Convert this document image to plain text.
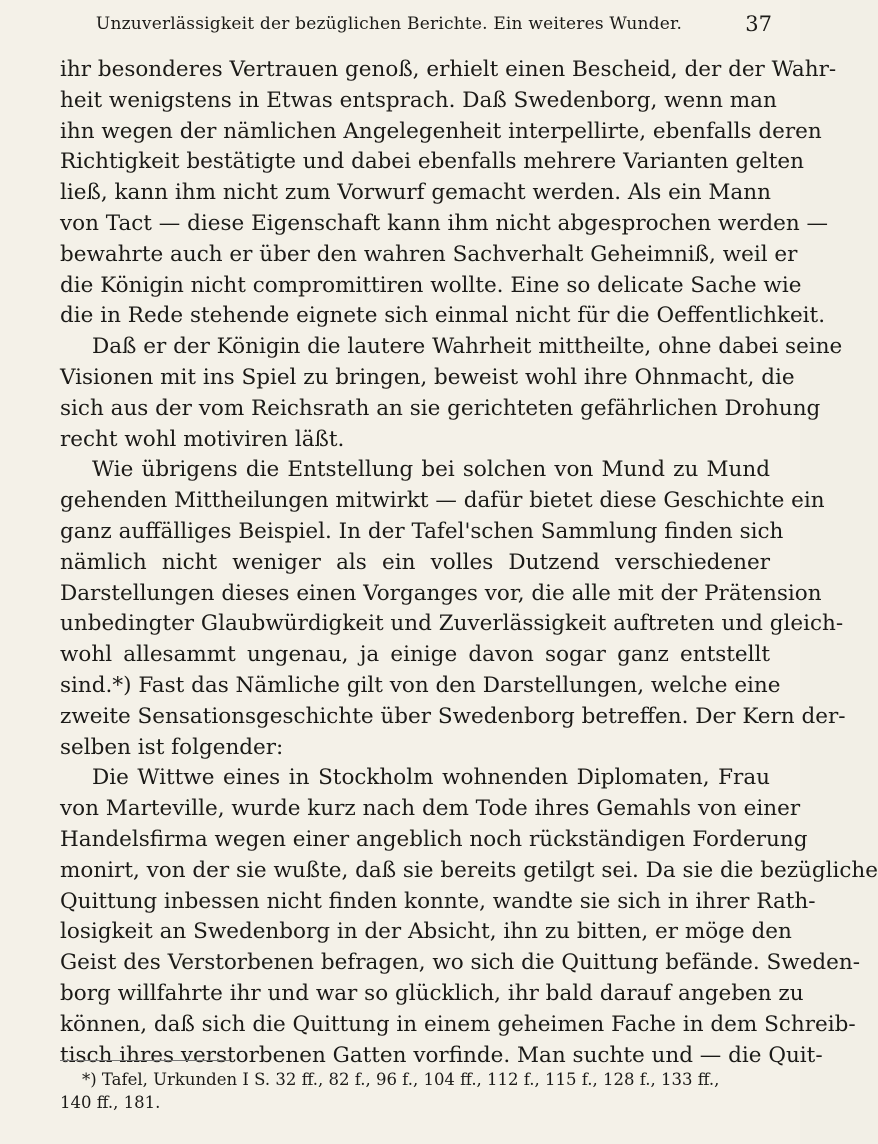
Unzuverlässigkeit der bezüglichen Berichte. Ein weiteres Wunder.	37
ihr besonderes Vertrauen genoß, erhielt einen Bescheid, der der Wahr-
heit wenigstens in Etwas entsprach. Daß Swedenborg, wenn man
ihn wegen der nämlichen Angelegenheit interpellirte, ebenfalls deren
Richtigkeit bestätigte und dabei ebenfalls mehrere Varianten gelten
ließ, kann ihm nicht zum Vorwurf gemacht werden. Als ein Mann
von Tact — diese Eigenschaft kann ihm nicht abgesprochen werden —
bewahrte auch er über den wahren Sachverhalt Geheimniß, weil er
die Königin nicht compromittiren wollte. Eine so delicate Sache wie
die in Rede stehende eignete sich einmal nicht für die Oeffentlichkeit.
Daß er der Königin die lautere Wahrheit mittheilte, ohne dabei seine
Visionen mit ins Spiel zu bringen, beweist wohl ihre Ohnmacht, die
sich aus der vom Reichsrath an sie gerichteten gefährlichen Drohung
recht wohl motiviren läßt.
Wie übrigens die Entstellung bei solchen von Mund zu Mund
gehenden Mittheilungen mitwirkt — dafür bietet diese Geschichte ein
ganz auffälliges Beispiel. In der Tafel'schen Sammlung finden sich
nämlich nicht weniger als ein volles Dutzend verschiedener
Darstellungen dieses einen Vorganges vor, die alle mit der Prätension
unbedingter Glaubwürdigkeit und Zuverlässigkeit auftreten und gleich-
wohl allesammt ungenau, ja einige davon sogar ganz entstellt
sind.*) Fast das Nämliche gilt von den Darstellungen, welche eine
zweite Sensationsgeschichte über Swedenborg betreffen. Der Kern der-
selben ist folgender:
Die Wittwe eines in Stockholm wohnenden Diplomaten, Frau
von Marteville, wurde kurz nach dem Tode ihres Gemahls von einer
Handelsfirma wegen einer angeblich noch rückständigen Forderung
monirt, von der sie wußte, daß sie bereits getilgt sei. Da sie die bezügliche
Quittung inbessen nicht finden konnte, wandte sie sich in ihrer Rath-
losigkeit an Swedenborg in der Absicht, ihn zu bitten, er möge den
Geist des Verstorbenen befragen, wo sich die Quittung befände. Sweden-
borg willfahrte ihr und war so glücklich, ihr bald darauf angeben zu
können, daß sich die Quittung in einem geheimen Fache in dem Schreib-
tisch ihres verstorbenen Gatten vorfinde. Man suchte und — die Quit-
*) Tafel, Urkunden I S. 32 ff., 82 f., 96 f., 104 ff., 112 f., 115 f., 128 f., 133 ff.,
140 ff., 181.
